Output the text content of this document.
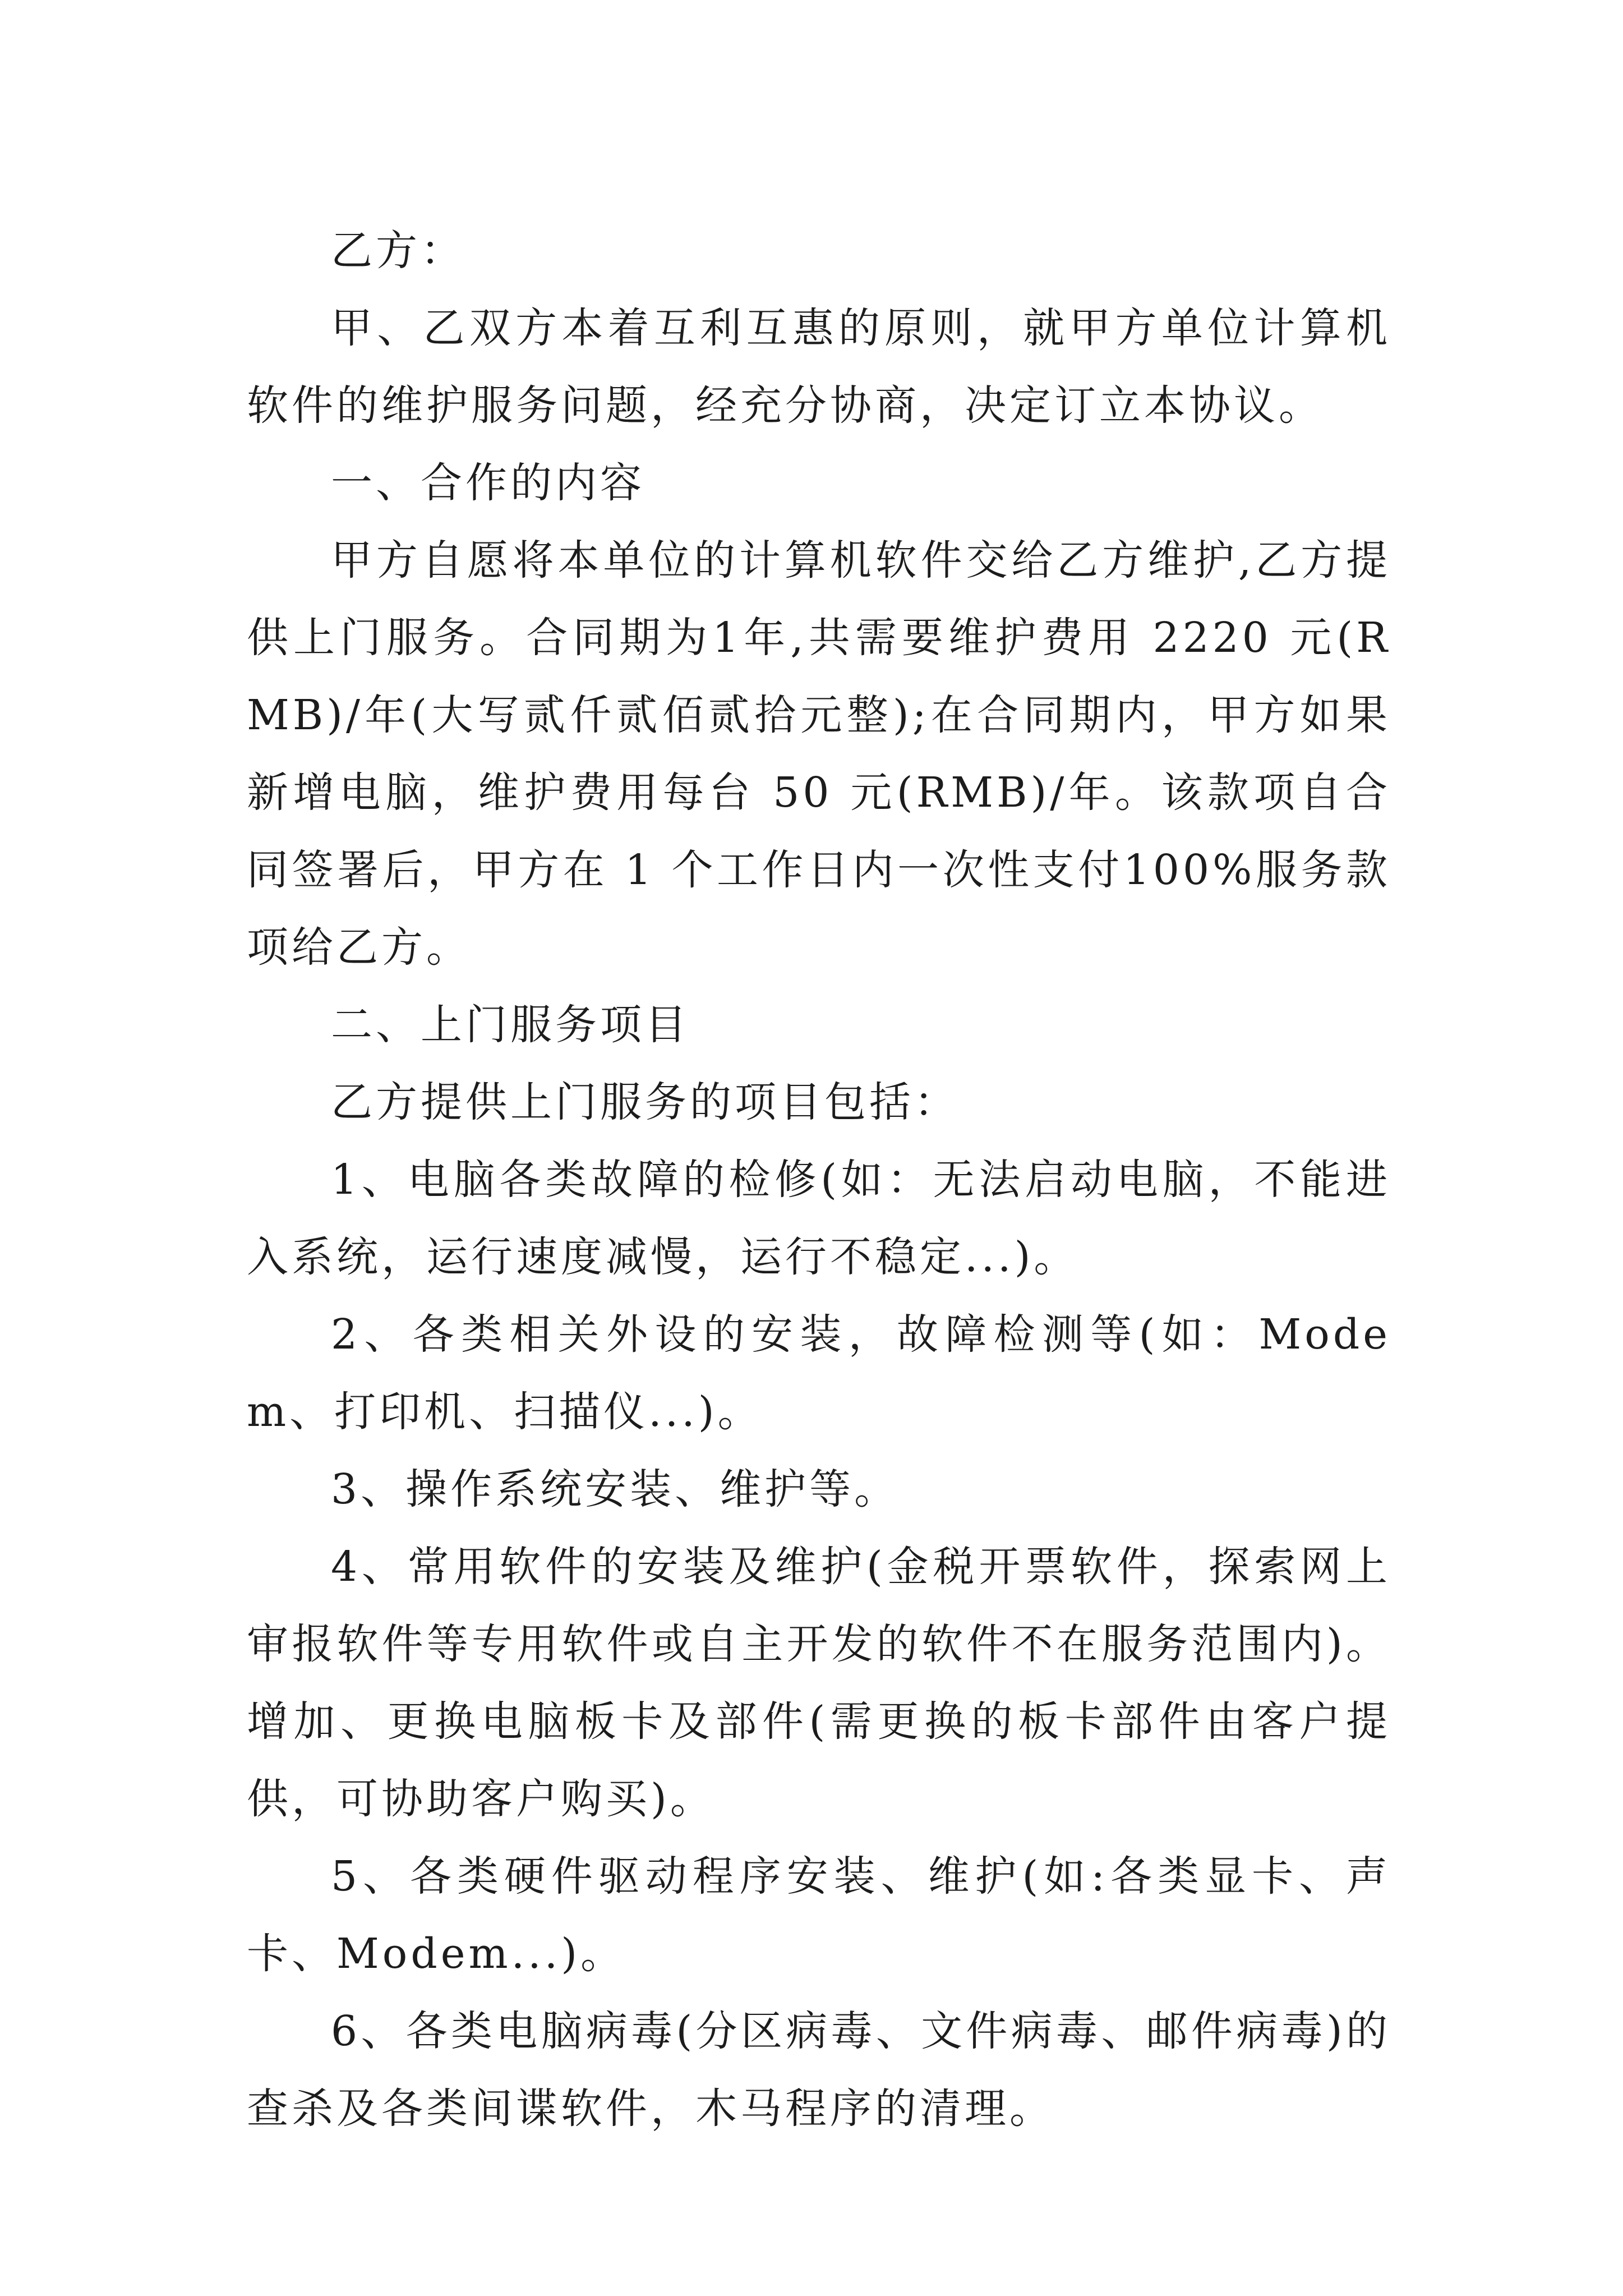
乙方：

甲、乙双方本着互利互惠的原则，就甲方单位计算机软件的维护服务问题，经充分协商，决定订立本协议。

一、合作的内容

甲方自愿将本单位的计算机软件交给乙方维护,乙方提供上门服务。合同期为1年,共需要维护费用 2220 元(RMB)/年(大写贰仟贰佰贰拾元整);在合同期内，甲方如果新增电脑，维护费用每台 50 元(RMB)/年。该款项自合同签署后，甲方在 1 个工作日内一次性支付100%服务款项给乙方。

二、上门服务项目

乙方提供上门服务的项目包括：

1、电脑各类故障的检修(如：无法启动电脑，不能进入系统，运行速度减慢，运行不稳定...)。

2、各类相关外设的安装，故障检测等(如：Modem、打印机、扫描仪...)。

3、操作系统安装、维护等。

4、常用软件的安装及维护(金税开票软件，探索网上审报软件等专用软件或自主开发的软件不在服务范围内)。增加、更换电脑板卡及部件(需更换的板卡部件由客户提供，可协助客户购买)。

5、各类硬件驱动程序安装、维护(如:各类显卡、声卡、Modem...)。

6、各类电脑病毒(分区病毒、文件病毒、邮件病毒)的查杀及各类间谍软件，木马程序的清理。
